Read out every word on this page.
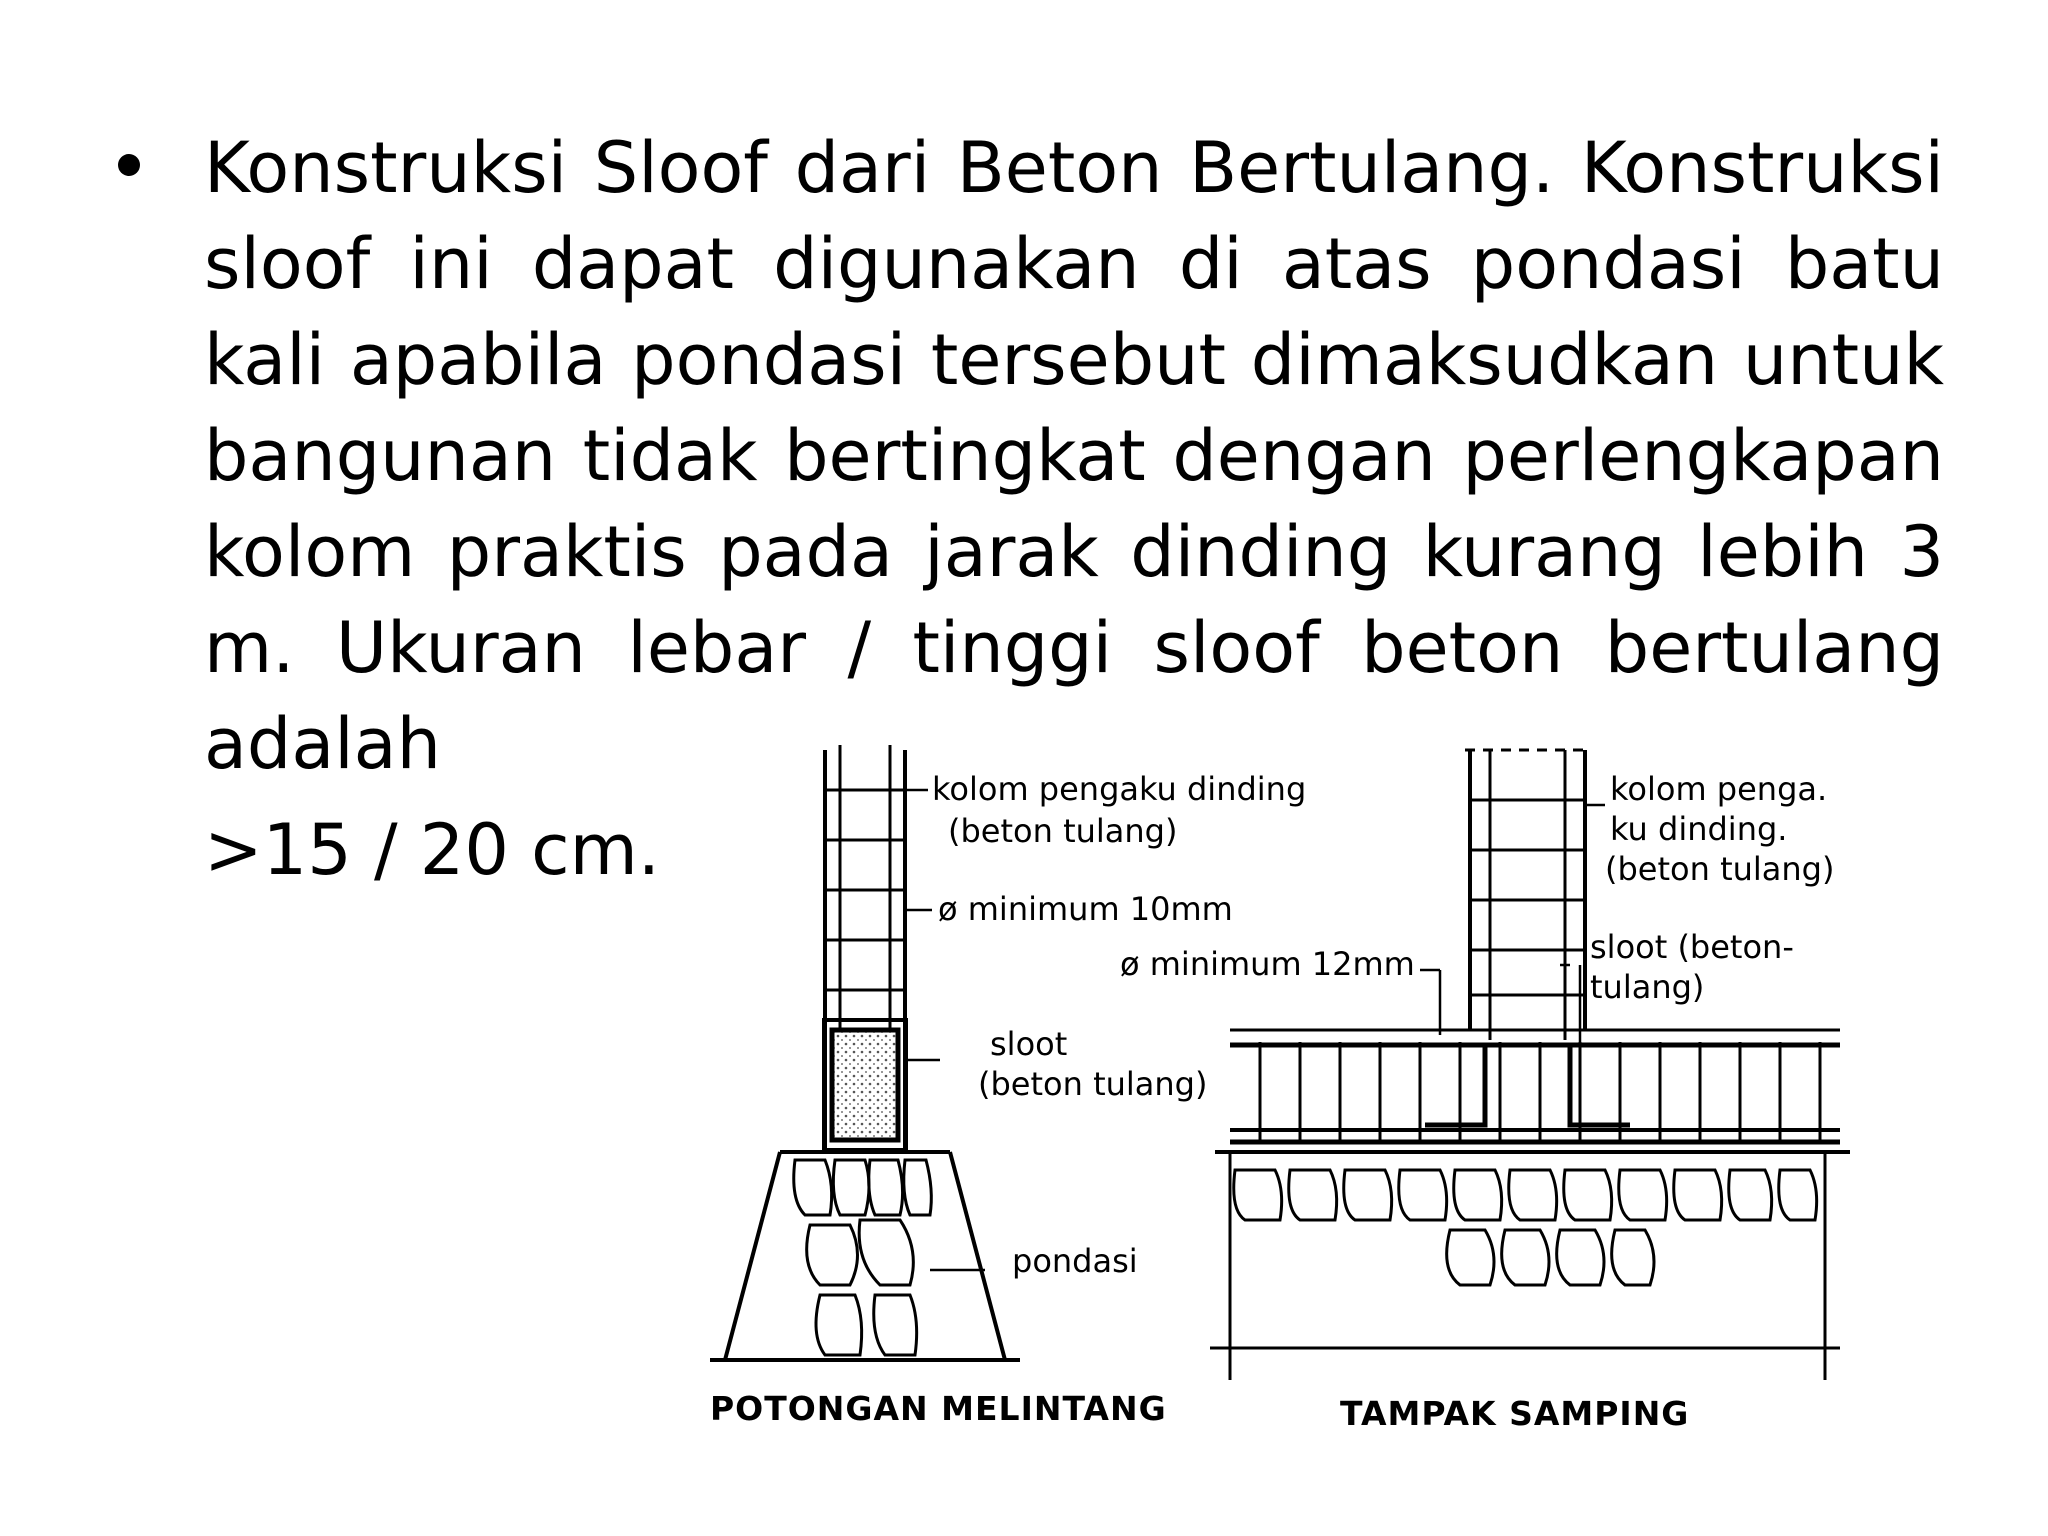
Konstruksi Sloof dari Beton Bertulang. Konstruksi sloof ini dapat digunakan di atas pondasi batu kali apabila pondasi tersebut dimaksudkan untuk bangunan tidak bertingkat dengan perlengkapan kolom praktis pada jarak dinding kurang lebih 3 m. Ukuran lebar / tinggi sloof beton bertulang adalah
>15 / 20 cm.
kolom pengaku dinding
(beton tulang)
ø minimum 10mm
sloot
(beton tulang)
pondasi
POTONGAN MELINTANG
ø minimum 12mm
kolom penga.
ku dinding.
(beton tulang)
sloot (beton-
tulang)
TAMPAK SAMPING
